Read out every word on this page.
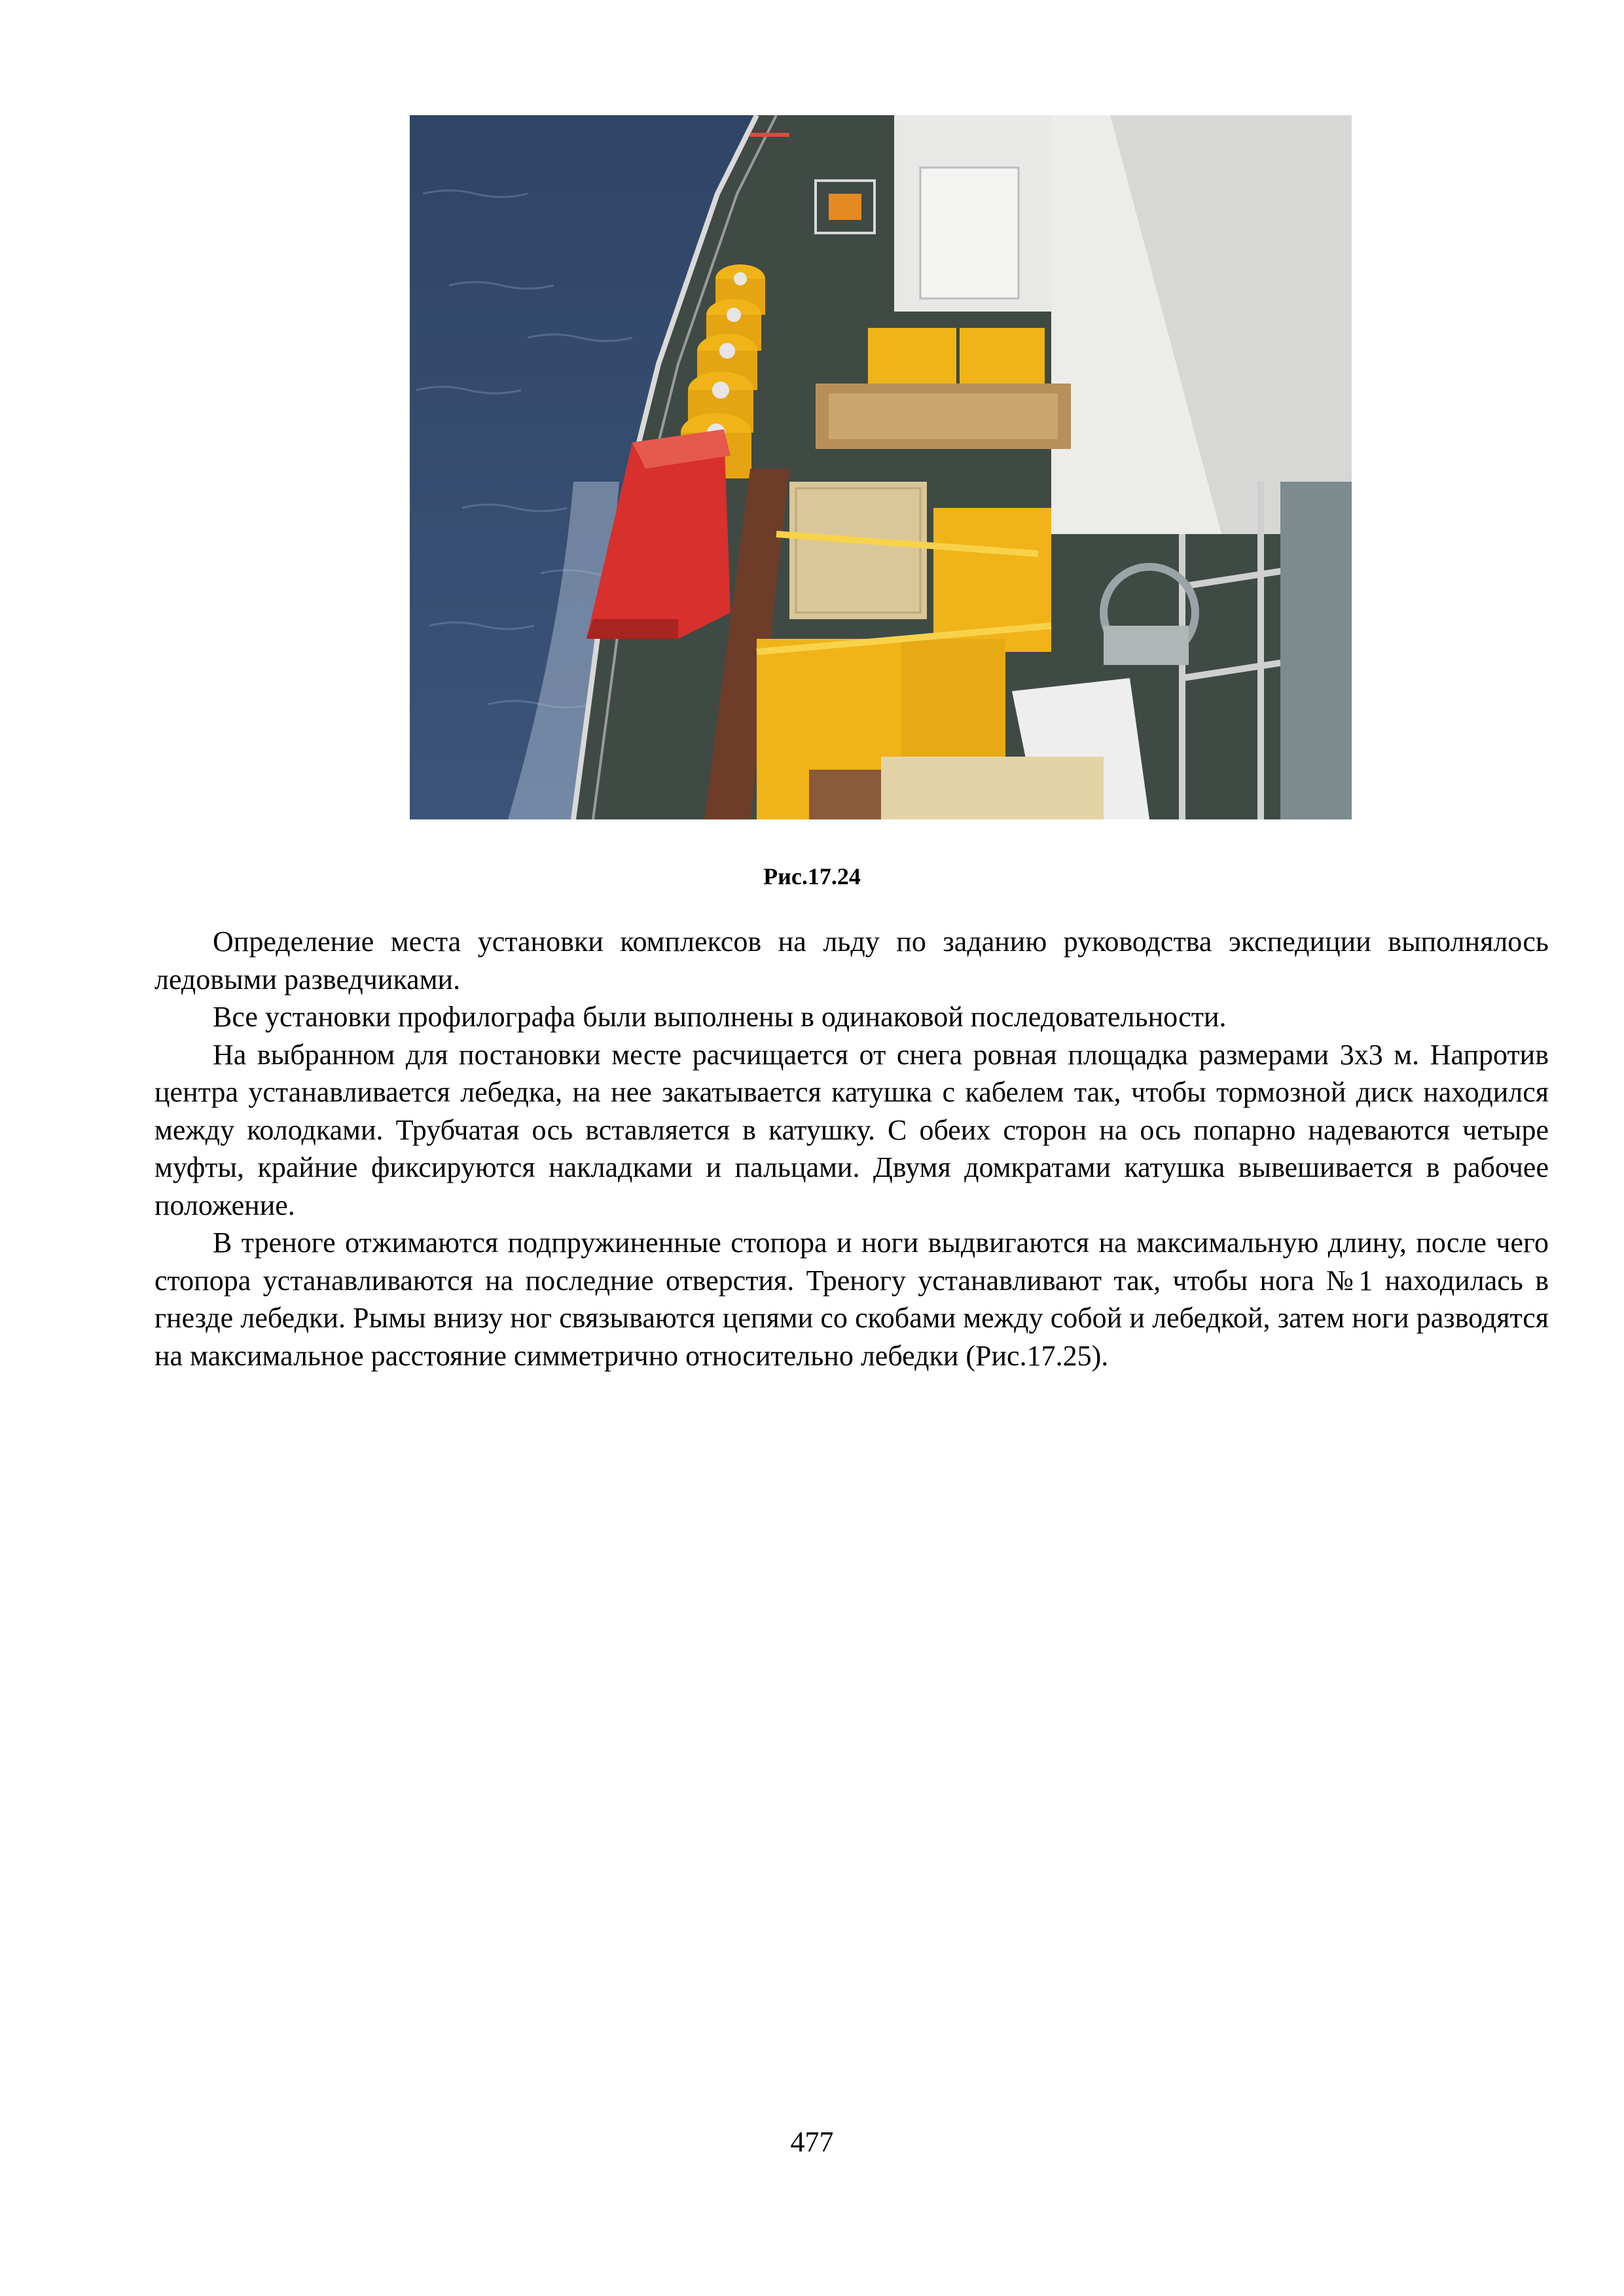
Рис.17.24

Определение места установки комплексов на льду по заданию руководства экспедиции выполнялось ледовыми разведчиками.

Все установки профилографа были выполнены в одинаковой последовательности.

На выбранном для постановки месте расчищается от снега ровная площадка размерами 3х3 м. Напротив центра устанавливается лебедка, на нее закатывается катушка с кабелем так, чтобы тормозной диск находился между колодками. Трубчатая ось вставляется в катушку. С обеих сторон на ось попарно надеваются четыре муфты, крайние фиксируются накладками и пальцами. Двумя домкратами катушка вывешивается в рабочее положение.

В треноге отжимаются подпружиненные стопора и ноги выдвигаются на максимальную длину, после чего стопора устанавливаются на последние отверстия. Треногу устанавливают так, чтобы нога №1 находилась в гнезде лебедки. Рымы внизу ног связываются цепями со скобами между собой и лебедкой, затем ноги разводятся на максимальное расстояние симметрично относительно лебедки (Рис.17.25).

477
